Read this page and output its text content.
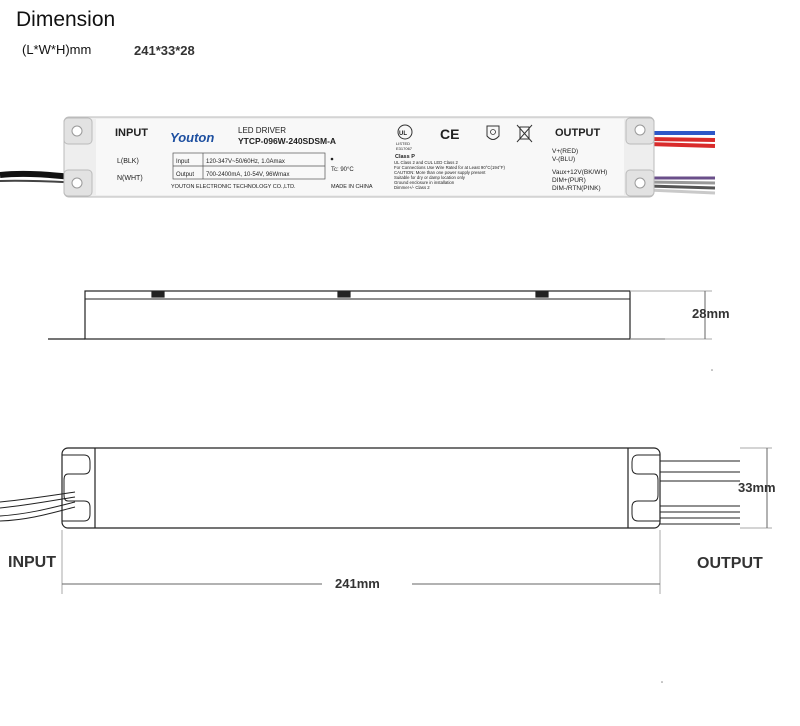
Dimension
(L*W*H)mm	241*33*28
INPUT	OUTPUT
Youton	LED DRIVER
YTCP-096W-240SDSM-A
L(BLK)
N(WHT)
Input	120-347V~50/60Hz, 1.0Amax
Output 700-2400mA, 10-54V, 96Wmax
Tc: 90°C
YOUTON ELECTRONIC TECHNOLOGY CO.,LTD.	MADE IN CHINA
UL
LISTED
E317067
CE
Class P
UL Class 2 and CUL LED Class 2
For Connections Use Wire Rated for at Least 90°C(194°F)
CAUTION: More than one power supply present
Suitable for dry or damp location only
Ground enclosure in installation
Dimmer+/- Class 2
V+(RED)
V-(BLU)
Vaux+12V(BK/WH)
DIM+(PUR)
DIM-/RTN(PINK)
28mm
33mm
241mm
INPUT	OUTPUT
